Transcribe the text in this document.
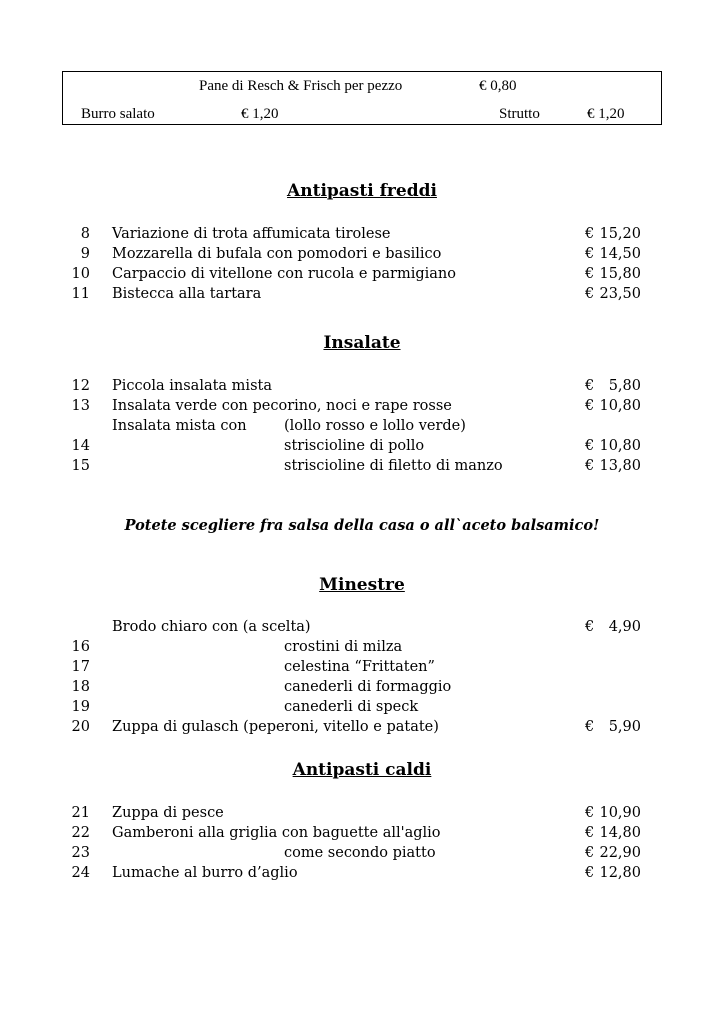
Pane di Resch & Frisch per pezzo	€ 0,80
Burro salato	€ 1,20	Strutto	€ 1,20
Antipasti freddi
8 Variazione di trota affumicata tirolese	€ 15,20
9 Mozzarella di bufala con pomodori e basilico	€ 14,50
10 Carpaccio di vitellone con rucola e parmigiano	€ 15,80
11 Bistecca alla tartara	€ 23,50
Insalate
12 Piccola insalata mista	€ 5,80
13 Insalata verde con pecorino, noci e rape rosse	€ 10,80
Insalata mista con	(lollo rosso e lollo verde)
14	striscioline di pollo	€ 10,80
15	striscioline di filetto di manzo	€ 13,80
Potete scegliere fra salsa della casa o all`aceto balsamico!
Minestre
Brodo chiaro con (a scelta)	€ 4,90
16	crostini di milza
17	celestina “Frittaten”
18	canederli di formaggio
19	canederli di speck
20 Zuppa di gulasch (peperoni, vitello e patate)	€ 5,90
Antipasti caldi
21 Zuppa di pesce	€ 10,90
22 Gamberoni alla griglia con baguette all'aglio	€ 14,80
23	come secondo piatto	€ 22,90
24 Lumache al burro d’aglio	€ 12,80
